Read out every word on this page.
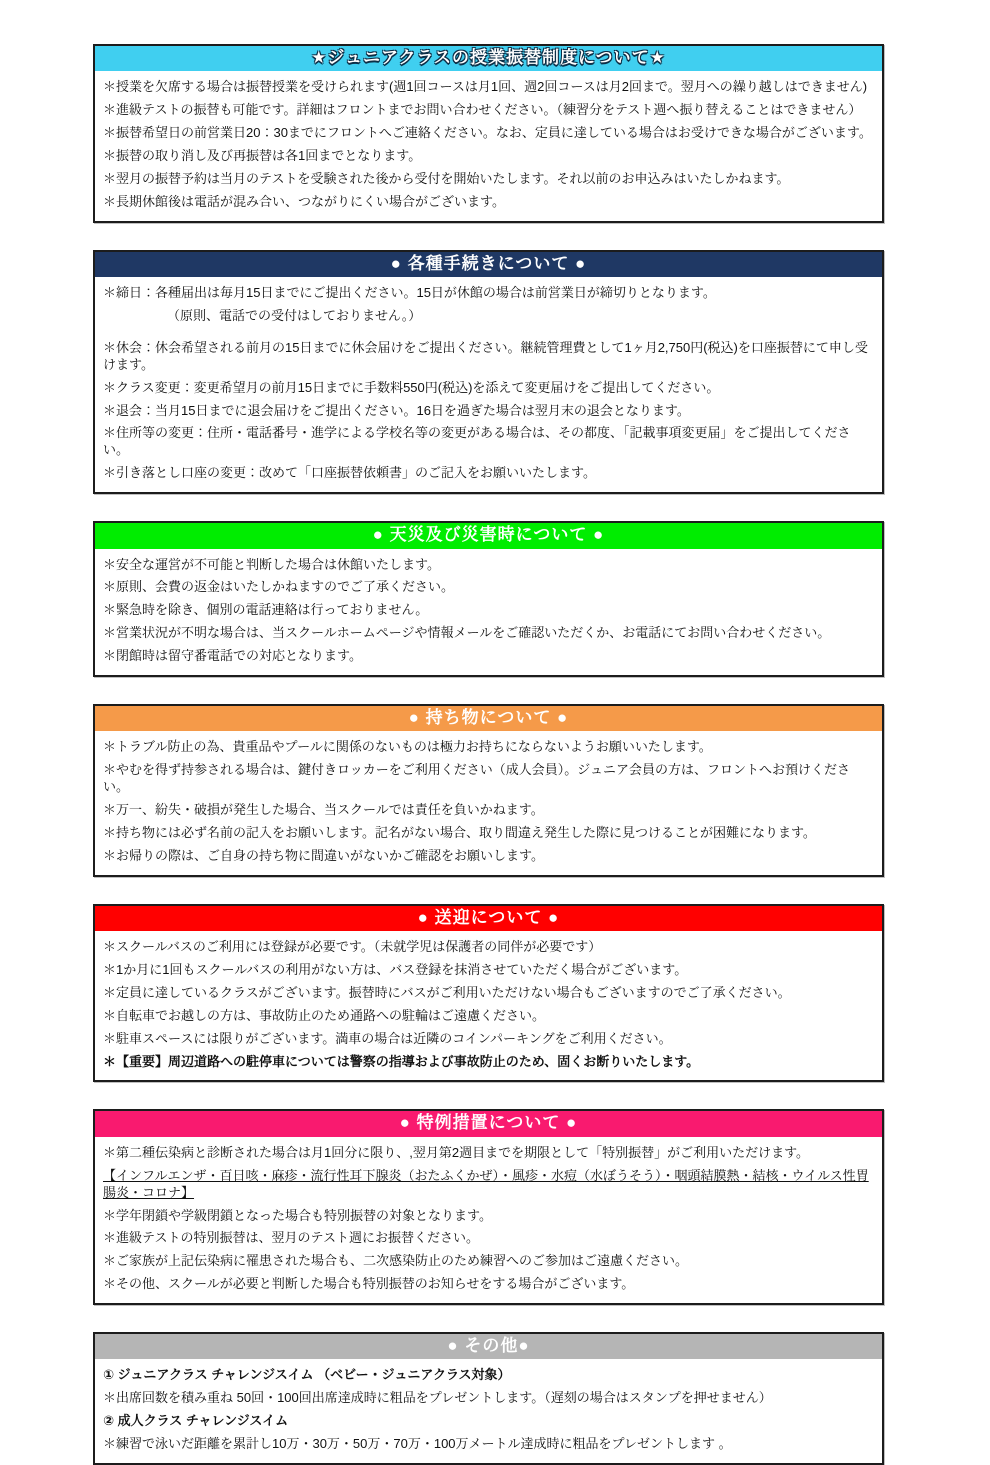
★ジュニアクラスの授業振替制度について★
＊授業を欠席する場合は振替授業を受けられます(週1回コースは月1回、週2回コースは月2回まで。翌月への繰り越しはできません)
＊進級テストの振替も可能です。詳細はフロントまでお問い合わせください。（練習分をテスト週へ振り替えることはできません）
＊振替希望日の前営業日20：30までにフロントへご連絡ください。なお、定員に達している場合はお受けできな場合がございます。
＊振替の取り消し及び再振替は各1回までとなります。
＊翌月の振替予約は当月のテストを受験された後から受付を開始いたします。それ以前のお申込みはいたしかねます。
＊長期休館後は電話が混み合い、つながりにくい場合がございます。
● 各種手続きについて ●
＊締日：各種届出は毎月15日までにご提出ください。15日が休館の場合は前営業日が締切りとなります。
（原則、電話での受付はしておりません。）
＊休会：休会希望される前月の15日までに休会届けをご提出ください。継続管理費として1ヶ月2,750円(税込)を口座振替にて申し受けます。
＊クラス変更：変更希望月の前月15日までに手数料550円(税込)を添えて変更届けをご提出してください。
＊退会：当月15日までに退会届けをご提出ください。16日を過ぎた場合は翌月末の退会となります。
＊住所等の変更：住所・電話番号・進学による学校名等の変更がある場合は、その都度、「記載事項変更届」をご提出してください。
＊引き落とし口座の変更：改めて「口座振替依頼書」のご記入をお願いいたします。
● 天災及び災害時について ●
＊安全な運営が不可能と判断した場合は休館いたします。
＊原則、会費の返金はいたしかねますのでご了承ください。
＊緊急時を除き、個別の電話連絡は行っておりません。
＊営業状況が不明な場合は、当スクールホームページや情報メールをご確認いただくか、お電話にてお問い合わせください。
＊閉館時は留守番電話での対応となります。
● 持ち物について ●
＊トラブル防止の為、貴重品やプールに関係のないものは極力お持ちにならないようお願いいたします。
＊やむを得ず持参される場合は、鍵付きロッカーをご利用ください（成人会員）。ジュニア会員の方は、フロントへお預けください。
＊万一、紛失・破損が発生した場合、当スクールでは責任を負いかねます。
＊持ち物には必ず名前の記入をお願いします。記名がない場合、取り間違え発生した際に見つけることが困難になります。
＊お帰りの際は、ご自身の持ち物に間違いがないかご確認をお願いします。
● 送迎について ●
＊スクールバスのご利用には登録が必要です。（未就学児は保護者の同伴が必要です）
＊1か月に1回もスクールバスの利用がない方は、バス登録を抹消させていただく場合がございます。
＊定員に達しているクラスがございます。振替時にバスがご利用いただけない場合もございますのでご了承ください。
＊自転車でお越しの方は、事故防止のため通路への駐輪はご遠慮ください。
＊駐車スペースには限りがございます。満車の場合は近隣のコインパーキングをご利用ください。
＊【重要】周辺道路への駐停車については警察の指導および事故防止のため、固くお断りいたします。
● 特例措置について ●
＊第二種伝染病と診断された場合は月1回分に限り、,翌月第2週目までを期限として「特別振替」がご利用いただけます。
【インフルエンザ・百日咳・麻疹・流行性耳下腺炎（おたふくかぜ）・風疹・水痘（水ぼうそう）・咽頭結膜熱・結核・ウイルス性胃腸炎・コロナ】
＊学年閉鎖や学級閉鎖となった場合も特別振替の対象となります。
＊進級テストの特別振替は、翌月のテスト週にお振替ください。
＊ご家族が上記伝染病に罹患された場合も、二次感染防止のため練習へのご参加はご遠慮ください。
＊その他、スクールが必要と判断した場合も特別振替のお知らせをする場合がございます。
● その他●
① ジュニアクラス チャレンジスイム （ベビー・ジュニアクラス対象）
＊出席回数を積み重ね 50回・100回出席達成時に粗品をプレゼントします。（遅刻の場合はスタンプを押せません）
② 成人クラス チャレンジスイム
＊練習で泳いだ距離を累計し10万・30万・50万・70万・100万メートル達成時に粗品をプレゼントします 。
